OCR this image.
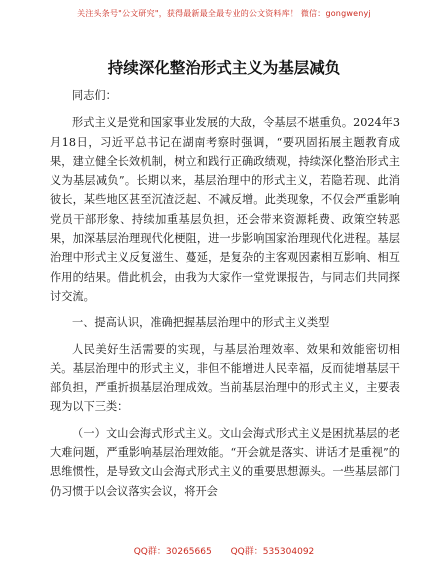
关注头条号"公文研究"，获得最新最全最专业的公文资料库！ 微信：gongwenyj
持续深化整治形式主义为基层减负

同志们：

形式主义是党和国家事业发展的大敌，令基层不堪重负。2024年3月18日，习近平总书记在湖南考察时强调，“要巩固拓展主题教育成果，建立健全长效机制，树立和践行正确政绩观，持续深化整治形式主义为基层减负”。长期以来，基层治理中的形式主义，若隐若现、此消彼长，某些地区甚至沉渣泛起、不减反增。此类现象，不仅会严重影响党员干部形象、持续加重基层负担，还会带来资源耗费、政策空转恶果，加深基层治理现代化梗阻，进一步影响国家治理现代化进程。基层治理中形式主义反复滋生、蔓延，是复杂的主客观因素相互影响、相互作用的结果。借此机会，由我为大家作一堂党课报告，与同志们共同探讨交流。

一、提高认识，准确把握基层治理中的形式主义类型

人民美好生活需要的实现，与基层治理效率、效果和效能密切相关。基层治理中的形式主义，非但不能增进人民幸福，反而徒增基层干部负担，严重折损基层治理成效。当前基层治理中的形式主义，主要表现为以下三类：

（一）文山会海式形式主义。文山会海式形式主义是困扰基层的老大难问题，严重影响基层治理效能。“开会就是落实、讲话才是重视”的思维惯性，是导致文山会海式形式主义的重要思想源头。一些基层部门仍习惯于以会议落实会议，将开会

QQ群：30265665 QQ群：535304092
